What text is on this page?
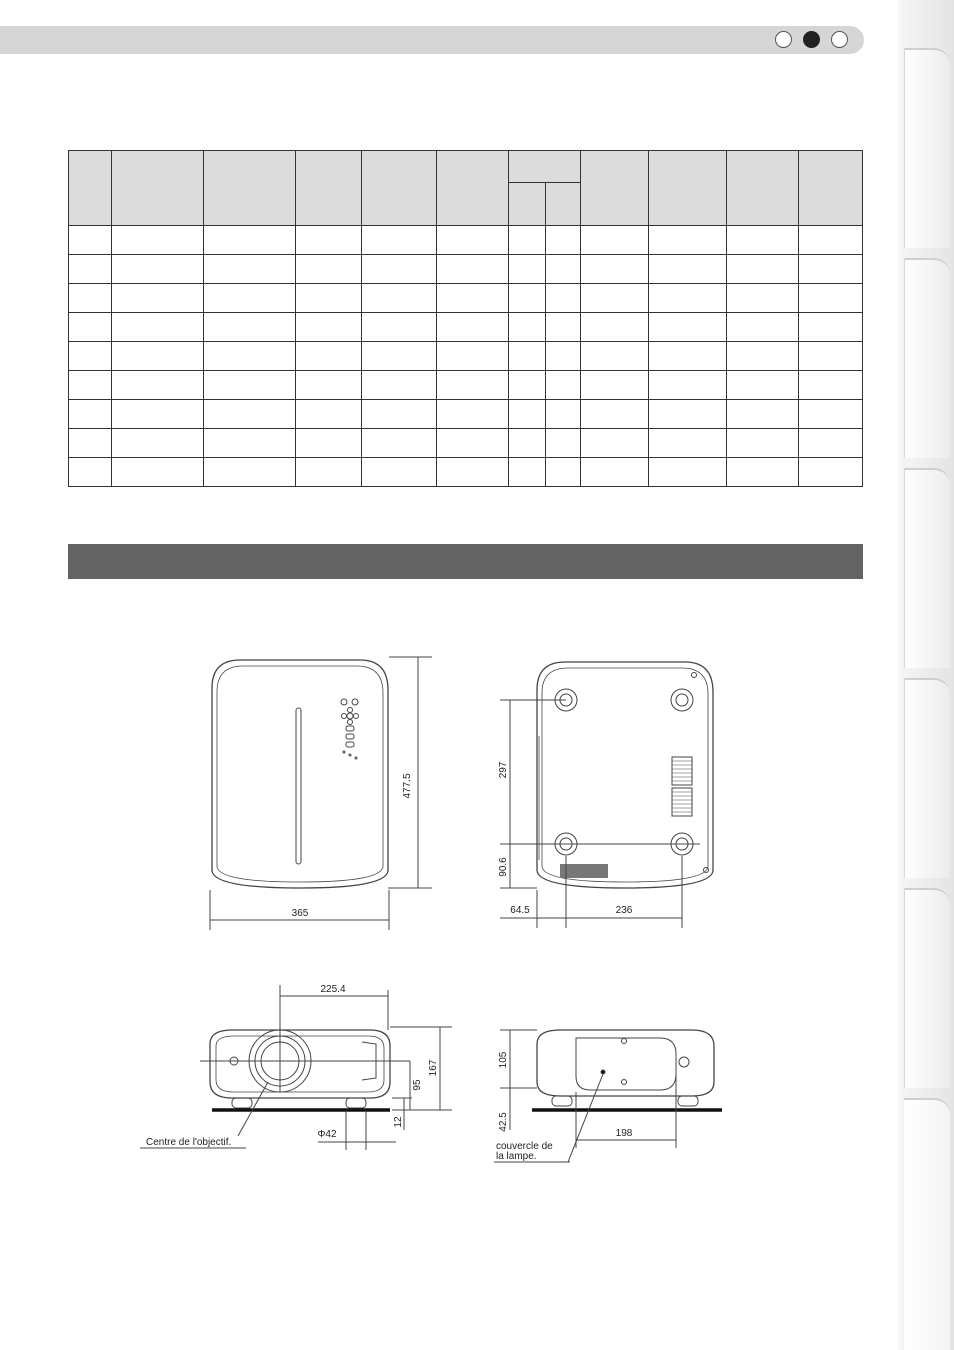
477.5
365
297
90.6
64.5	236
225.4
167
95
12
Φ42
Centre de l'objectif.
105
42.5
198
couvercle de
la lampe.
